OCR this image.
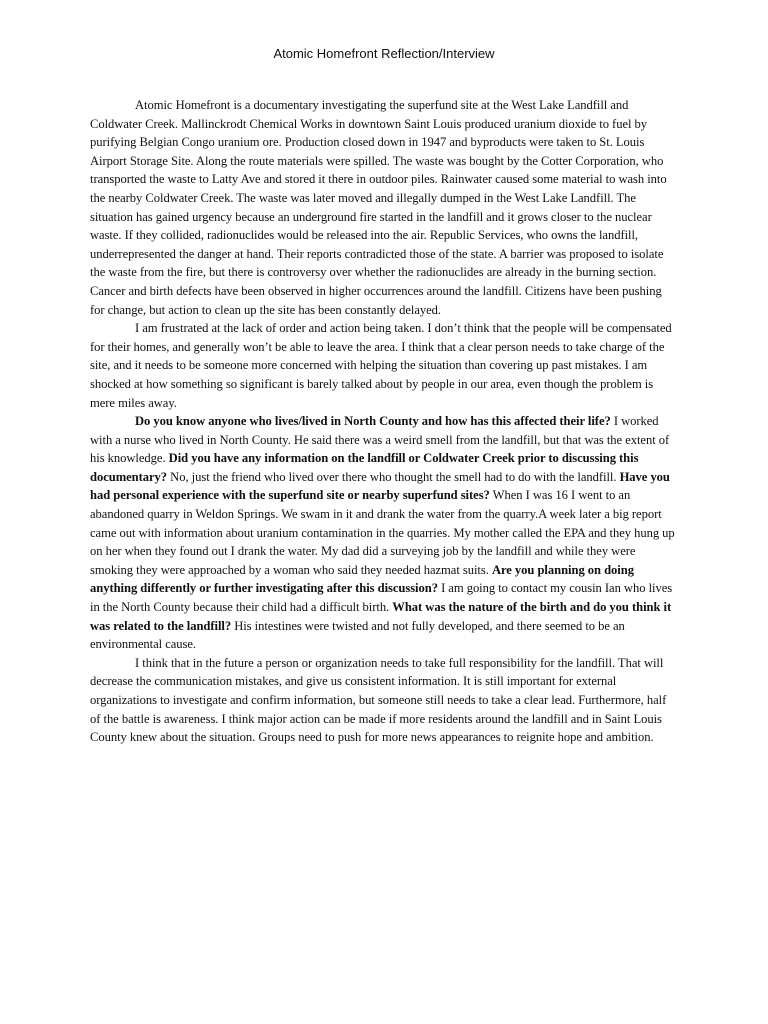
Atomic Homefront Reflection/Interview

Atomic Homefront is a documentary investigating the superfund site at the West Lake Landfill and Coldwater Creek. Mallinckrodt Chemical Works in downtown Saint Louis produced uranium dioxide to fuel by purifying Belgian Congo uranium ore. Production closed down in 1947 and byproducts were taken to St. Louis Airport Storage Site. Along the route materials were spilled. The waste was bought by the Cotter Corporation, who transported the waste to Latty Ave and stored it there in outdoor piles. Rainwater caused some material to wash into the nearby Coldwater Creek. The waste was later moved and illegally dumped in the West Lake Landfill. The situation has gained urgency because an underground fire started in the landfill and it grows closer to the nuclear waste. If they collided, radionuclides would be released into the air. Republic Services, who owns the landfill, underrepresented the danger at hand. Their reports contradicted those of the state. A barrier was proposed to isolate the waste from the fire, but there is controversy over whether the radionuclides are already in the burning section. Cancer and birth defects have been observed in higher occurrences around the landfill. Citizens have been pushing for change, but action to clean up the site has been constantly delayed.

I am frustrated at the lack of order and action being taken. I don’t think that the people will be compensated for their homes, and generally won’t be able to leave the area. I think that a clear person needs to take charge of the site, and it needs to be someone more concerned with helping the situation than covering up past mistakes. I am shocked at how something so significant is barely talked about by people in our area, even though the problem is mere miles away.

Do you know anyone who lives/lived in North County and how has this affected their life? I worked with a nurse who lived in North County. He said there was a weird smell from the landfill, but that was the extent of his knowledge. Did you have any information on the landfill or Coldwater Creek prior to discussing this documentary? No, just the friend who lived over there who thought the smell had to do with the landfill. Have you had personal experience with the superfund site or nearby superfund sites? When I was 16 I went to an abandoned quarry in Weldon Springs. We swam in it and drank the water from the quarry.A week later a big report came out with information about uranium contamination in the quarries. My mother called the EPA and they hung up on her when they found out I drank the water. My dad did a surveying job by the landfill and while they were smoking they were approached by a woman who said they needed hazmat suits. Are you planning on doing anything differently or further investigating after this discussion? I am going to contact my cousin Ian who lives in the North County because their child had a difficult birth. What was the nature of the birth and do you think it was related to the landfill? His intestines were twisted and not fully developed, and there seemed to be an environmental cause.

I think that in the future a person or organization needs to take full responsibility for the landfill. That will decrease the communication mistakes, and give us consistent information. It is still important for external organizations to investigate and confirm information, but someone still needs to take a clear lead. Furthermore, half of the battle is awareness. I think major action can be made if more residents around the landfill and in Saint Louis County knew about the situation. Groups need to push for more news appearances to reignite hope and ambition.
